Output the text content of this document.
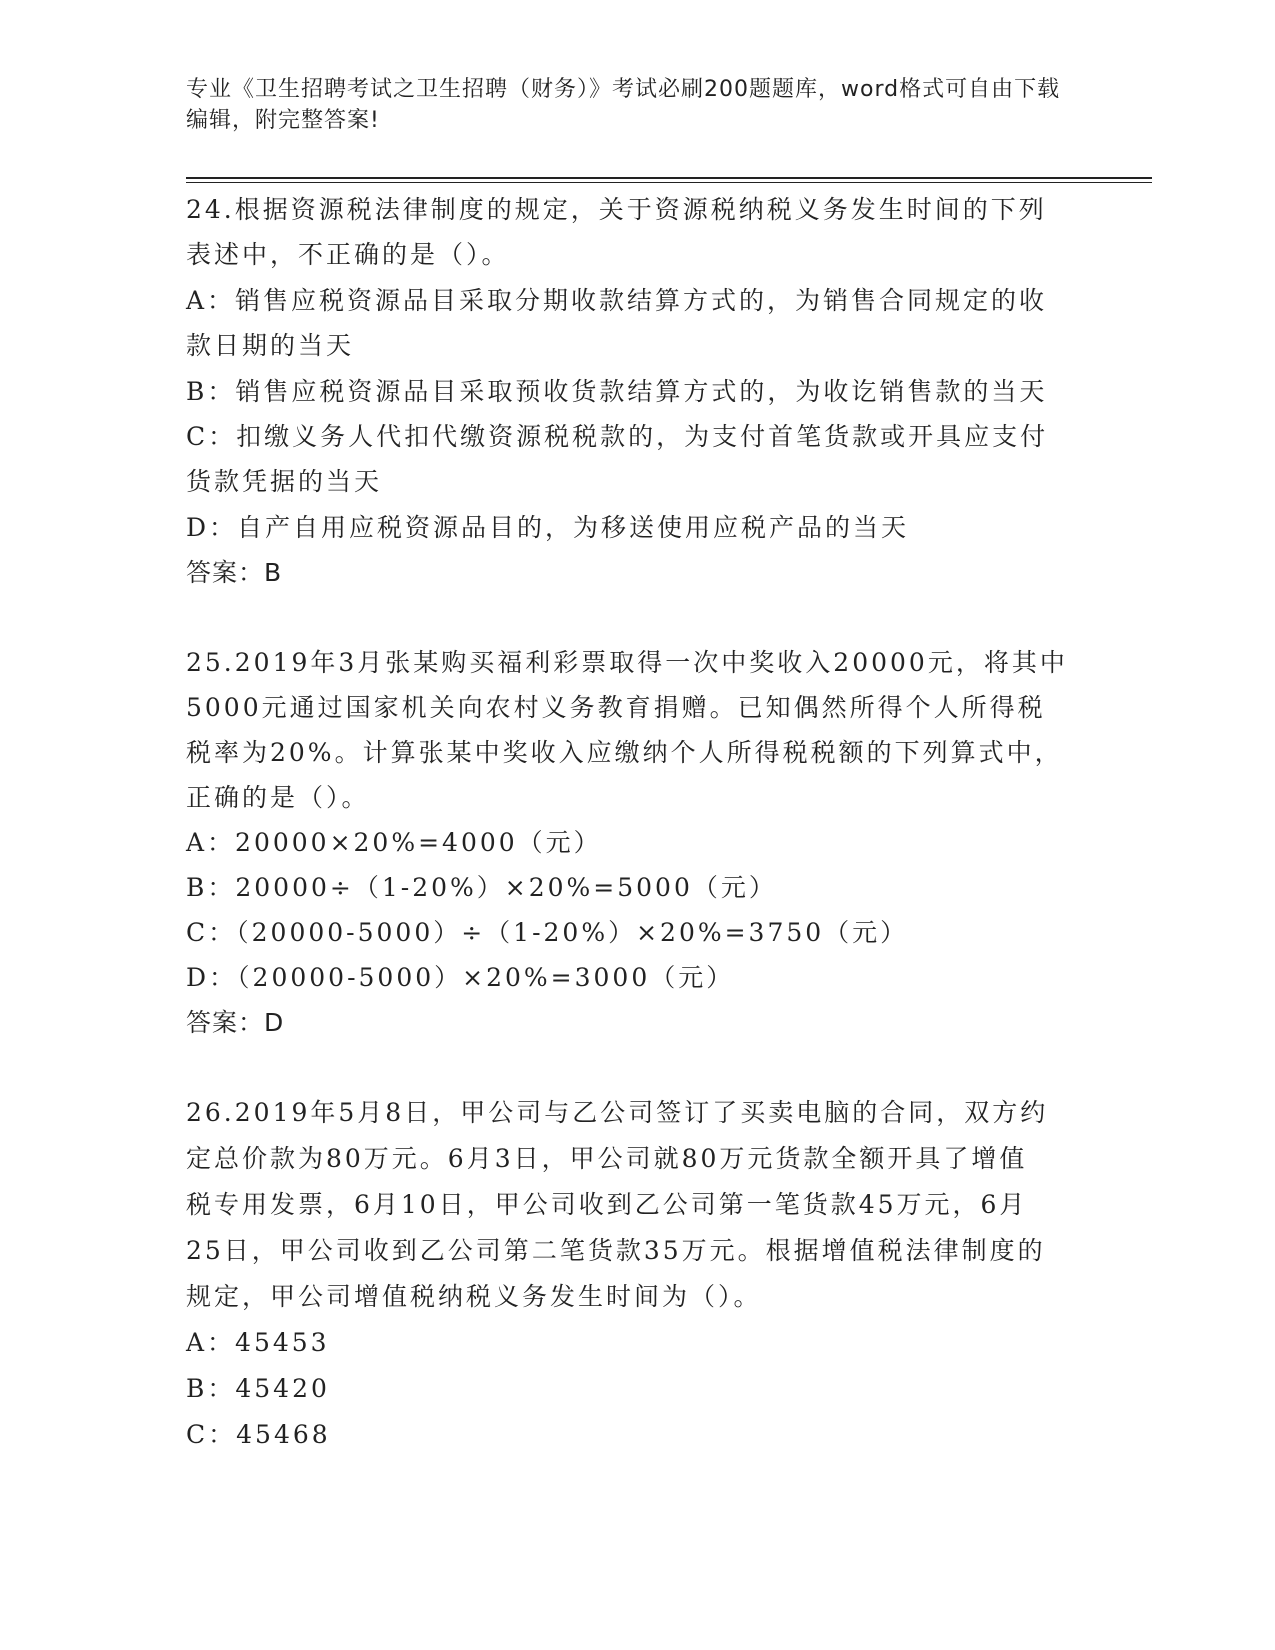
专业《卫生招聘考试之卫生招聘（财务）》考试必刷200题题库，word格式可自由下载编辑，附完整答案!
24.根据资源税法律制度的规定，关于资源税纳税义务发生时间的下列
表述中，不正确的是（）。
A：销售应税资源品目采取分期收款结算方式的，为销售合同规定的收
款日期的当天
B：销售应税资源品目采取预收货款结算方式的，为收讫销售款的当天
C：扣缴义务人代扣代缴资源税税款的，为支付首笔货款或开具应支付
货款凭据的当天
D：自产自用应税资源品目的，为移送使用应税产品的当天
答案：B
25.2019年3月张某购买福利彩票取得一次中奖收入20000元，将其中
5000元通过国家机关向农村义务教育捐赠。已知偶然所得个人所得税
税率为20%。计算张某中奖收入应缴纳个人所得税税额的下列算式中，
正确的是（）。
A：20000×20%=4000（元）
B：20000÷（1-20%）×20%=5000（元）
C：（20000-5000）÷（1-20%）×20%=3750（元）
D：（20000-5000）×20%=3000（元）
答案：D
26.2019年5月8日，甲公司与乙公司签订了买卖电脑的合同，双方约
定总价款为80万元。6月3日，甲公司就80万元货款全额开具了增值
税专用发票，6月10日，甲公司收到乙公司第一笔货款45万元，6月
25日，甲公司收到乙公司第二笔货款35万元。根据增值税法律制度的
规定，甲公司增值税纳税义务发生时间为（）。
A：45453
B：45420
C：45468
